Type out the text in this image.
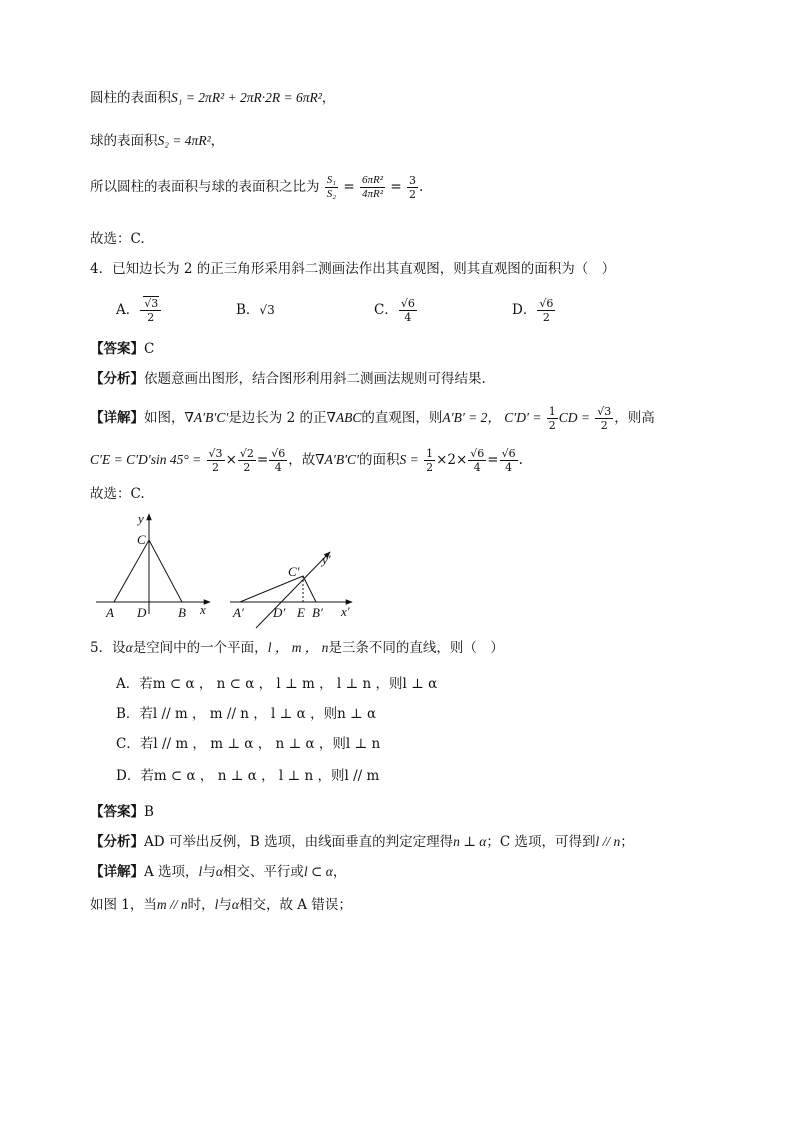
圆柱的表面积S₁ = 2πR² + 2πR·2R = 6πR²，
球的表面积S₂ = 4πR²，
所以圆柱的表面积与球的表面积之比为 $\frac{\text{S₁}}{\text{S₂}} = \frac{\text{6πR²}}{\text{4πR²}} = \frac{3}{2}$ .
故选：C.
4．已知边长为 2 的正三角形采用斜二测画法作出其直观图，则其直观图的面积为（　）
A． $\frac{√3}{2}$	B．√3	C． $\frac{√6}{4}$	D． $\frac{√6}{2}$
【答案】C
【分析】依题意画出图形，结合图形利用斜二测画法规则可得结果.
【详解】如图，∇A′B′C′是边长为 2 的正∇ABC的直观图，则A′B′ = 2， $C'D' = \frac{1}{2}$ CD = $\frac{√3}{2}$ ，则高
C′E = C′D′sin $45^\circ = \frac{√3}{2} \times \frac{√2}{2} = \frac{√6}{4}$ ，故∇A′B′C′的面积$S = \frac{1}{2} \times 2\times \frac{√6}{4} = \frac{√6}{4}$ .
故选：C.
x
y
C
A D B
y′
x′
C′
A′ D′ E B′
5．设α是空间中的一个平面，l ， m ， n是三条不同的直线，则（　）
A．若m ⊂ α ， n ⊂ α ， l ⊥ m ， l ⊥ n ，则l ⊥ α
B．若l // m ， m // n ， l ⊥ α ，则n ⊥ α
C．若l // m ， m ⊥ α ， n ⊥ α ，则l ⊥ n
D．若m ⊂ α ， n ⊥ α ， l ⊥ n ，则l // m
【答案】B
【分析】AD 可举出反例，B 选项，由线面垂直的判定定理得n ⊥ α；C 选项，可得到l // n；
【详解】A 选项，l与α相交、平行或l ⊂ α，
如图 1，当m // n时，l与α相交，故 A 错误；
